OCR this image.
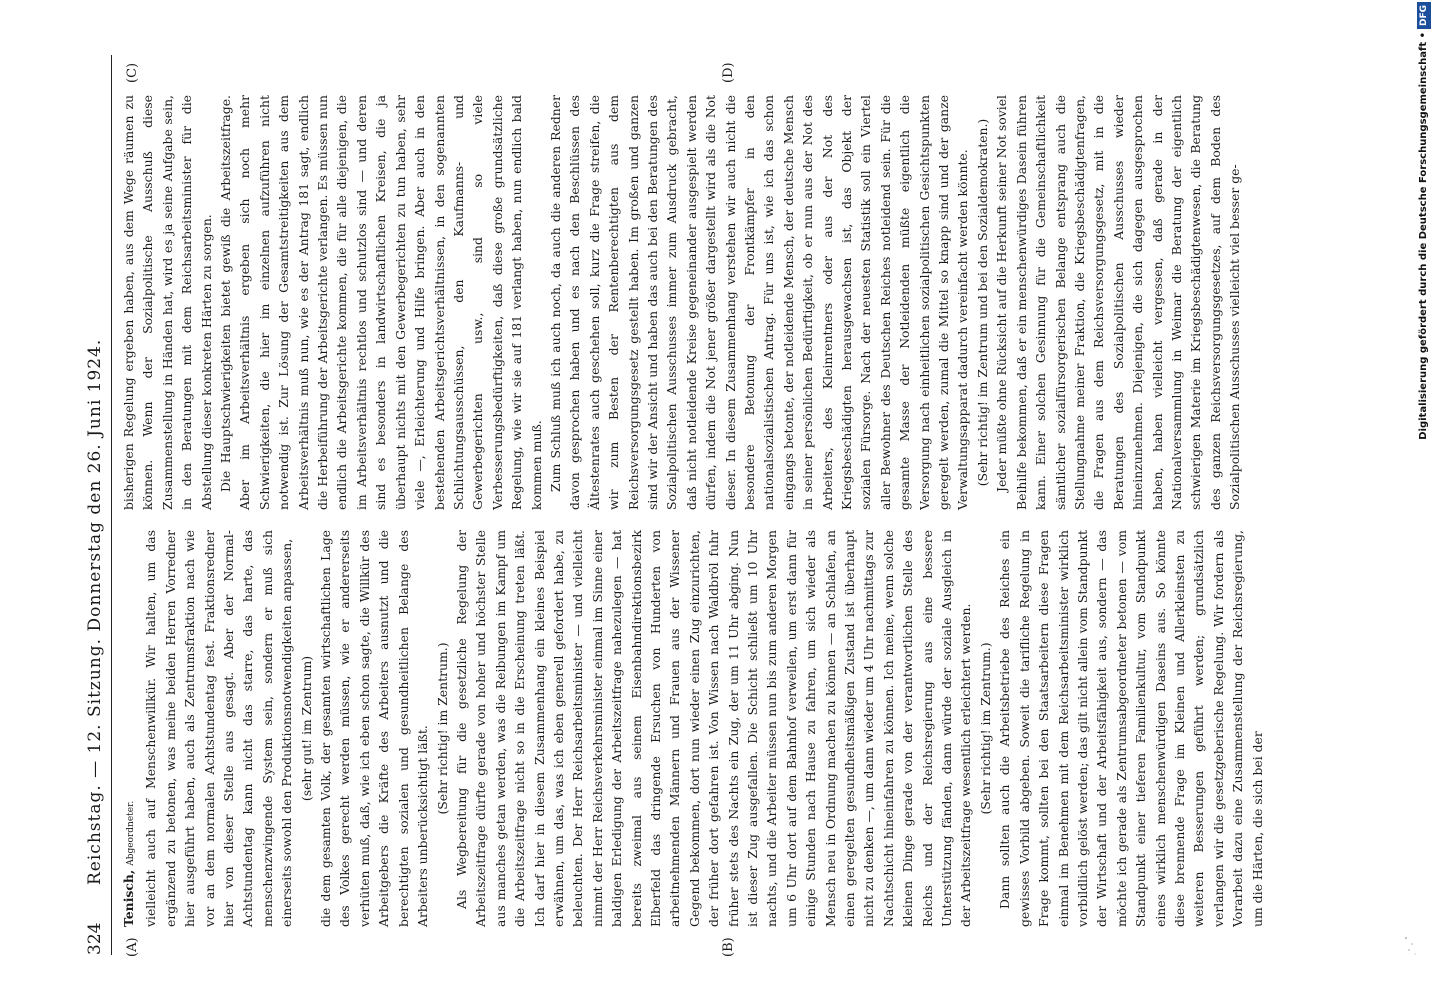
324
Reichstag. — 12. Sitzung. Donnerstag den 26. Juni 1924.
(A)	(B)
(C)	(D)

Tenisch, Abgeordneter. vielleicht auch auf Menschenwillkür. Wir halten, um das ergänzend zu betonen, was meine beiden Herren Vorredner hier ausgeführt haben, auch als Zentrumsfraktion nach wie vor an dem normalen Achtstundentag fest. Fraktionsredner hier von dieser Stelle aus gesagt. Aber der Normal-Achtstundentag kann nicht das starre, das harte, das menschenzwingende System sein, sondern er muß sich einerseits sowohl den Produktionsnotwendigkeiten anpassen, (sehr gut! im Zentrum) die dem gesamten Volk, der gesamten wirtschaftlichen Lage des Volkes gerecht werden müssen, wie er andererseits verhüten muß, daß, wie ich eben schon sagte, die Willkür des Arbeitgebers die Kräfte des Arbeiters ausnutzt und die berechtigten sozialen und gesundheitlichen Belange des Arbeiters unberücksichtigt läßt. (Sehr richtig! im Zentrum.) Als Wegbereitung für die gesetzliche Regelung der Arbeitszeitfrage dürfte gerade von hoher und höchster Stelle aus manches getan werden, was die Reibungen im Kampf um die Arbeitszeitfrage nicht so in die Erscheinung treten läßt. Ich darf hier in diesem Zusammenhang ein kleines Beispiel erwähnen, um das, was ich eben generell gefordert habe, zu beleuchten. Der Herr Reichsarbeitsminister — und vielleicht nimmt der Herr Reichsverkehrsminister einmal im Sinne einer baldigen Erledigung der Arbeitszeitfrage nahezulegen — hat bereits zweimal aus seinem Eisenbahndirektionsbezirk Elberfeld das dringende Ersuchen von Hunderten von arbeitnehmenden Männern und Frauen aus der Wissener Gegend bekommen, dort nun wieder einen Zug einzurichten, der früher dort gefahren ist. Von Wissen nach Waldbröl fuhr früher stets des Nachts ein Zug, der um 11 Uhr abging. Nun ist dieser Zug ausgefallen. Die Schicht schließt um 10 Uhr nachts, und die Arbeiter müssen nun bis zum anderen Morgen um 6 Uhr dort auf dem Bahnhof verweilen, um erst dann für einige Stunden nach Hause zu fahren, um sich wieder als Mensch neu in Ordnung machen zu können — an Schlafen, an einen geregelten gesundheitsmäßigen Zustand ist überhaupt nicht zu denken —, um dann wieder um 4 Uhr nachmittags zur Nachtschicht hineinfahren zu können. Ich meine, wenn solche kleinen Dinge gerade von der verantwortlichen Stelle des Reichs und der Reichsregierung aus eine bessere Unterstützung fänden, dann würde der soziale Ausgleich in der Arbeitszeitfrage wesentlich erleichtert werden. (Sehr richtig! im Zentrum.) Dann sollten auch die Arbeitsbetriebe des Reiches ein gewisses Vorbild abgeben. Soweit die tarifliche Regelung in Frage kommt, sollten bei den Staatsarbeitern diese Fragen einmal im Benehmen mit dem Reichsarbeitsminister wirklich vorbildlich gelöst werden; das gilt nicht allein vom Standpunkt der Wirtschaft und der Arbeitsfähigkeit aus, sondern — das möchte ich gerade als Zentrumsabgeordneter betonen — vom Standpunkt einer tieferen Familienkultur, vom Standpunkt eines wirklich menschenwürdigen Daseins aus. So könnte diese brennende Frage im Kleinen und Allerkleinsten zu weiteren Besserungen geführt werden; grundsätzlich verlangen wir die gesetzgeberische Regelung. Wir fordern als Vorarbeit dazu eine Zusammenstellung der Reichsregierung, um die Härten, die sich bei der

bisherigen Regelung ergeben haben, aus dem Wege räumen zu können. Wenn der Sozialpolitische Ausschuß diese Zusammenstellung in Händen hat, wird es ja seine Aufgabe sein, in den Beratungen mit dem Reichsarbeitsminister für die Abstellung dieser konkreten Härten zu sorgen. Die Hauptschwierigkeiten bietet gewiß die Arbeitszeitfrage. Aber im Arbeitsverhältnis ergeben sich noch mehr Schwierigkeiten, die hier im einzelnen aufzuführen nicht notwendig ist. Zur Lösung der Gesamtstreitigkeiten aus dem Arbeitsverhältnis muß nun, wie es der Antrag 181 sagt, endlich die Herbeiführung der Arbeitsgerichte verlangen. Es müssen nun endlich die Arbeitsgerichte kommen, die für alle diejenigen, die im Arbeitsverhältnis rechtlos und schutzlos sind — und deren sind es besonders in landwirtschaftlichen Kreisen, die ja überhaupt nichts mit den Gewerbegerichten zu tun haben, sehr viele —, Erleichterung und Hilfe bringen. Aber auch in den bestehenden Arbeitsgerichtsverhältnissen, in den sogenannten Schlichtungsausschüssen, den Kaufmanns- und Gewerbegerichten usw., sind so viele Verbesserungsbedürftigkeiten, daß diese große grundsätzliche Regelung, wie wir sie auf 181 verlangt haben, nun endlich bald kommen muß. Zum Schluß muß ich auch noch, da auch die anderen Redner davon gesprochen haben und es nach den Beschlüssen des Ältestenrates auch geschehen soll, kurz die Frage streifen, die wir zum Besten der Rentenberechtigten aus dem Reichsversorgungsgesetz gestellt haben. Im großen und ganzen sind wir der Ansicht und haben das auch bei den Beratungen des Sozialpolitischen Ausschusses immer zum Ausdruck gebracht, daß nicht notleidende Kreise gegeneinander ausgespielt werden dürfen, indem die Not jener größer dargestellt wird als die Not dieser. In diesem Zusammenhang verstehen wir auch nicht die besondere Betonung der Frontkämpfer in den nationalsozialistischen Antrag. Für uns ist, wie ich das schon eingangs betonte, der notleidende Mensch, der deutsche Mensch in seiner persönlichen Bedürftigkeit, ob er nun aus der Not des Arbeiters, des Kleinrentners oder aus der Not des Kriegsbeschädigten herausgewachsen ist, das Objekt der sozialen Fürsorge. Nach der neuesten Statistik soll ein Viertel aller Bewohner des Deutschen Reiches notleidend sein. Für die gesamte Masse der Notleidenden müßte eigentlich die Versorgung nach einheitlichen sozialpolitischen Gesichtspunkten geregelt werden, zumal die Mittel so knapp sind und der ganze Verwaltungsapparat dadurch vereinfacht werden könnte. (Sehr richtig! im Zentrum und bei den Sozialdemokraten.) Jeder müßte ohne Rücksicht auf die Herkunft seiner Not soviel Beihilfe bekommen, daß er ein menschenwürdiges Dasein führen kann. Einer solchen Gesinnung für die Gemeinschaftlichkeit sämtlicher sozialfürsorgerischen Belange entsprang auch die Stellungnahme meiner Fraktion, die Kriegsbeschädigtenfragen, die Fragen aus dem Reichsversorgungsgesetz, mit in die Beratungen des Sozialpolitischen Ausschusses wieder hineinzunehmen. Diejenigen, die sich dagegen ausgesprochen haben, haben vielleicht vergessen, daß gerade in der Nationalversammlung in Weimar die Beratung der eigentlich schwierigen Materie im Kriegsbeschädigtenwesen, die Beratung des ganzen Reichsversorgungsgesetzes, auf dem Boden des Sozialpolitischen Ausschusses vielleicht viel besser ge-	Digitalisierung gefördert durch die Deutsche Forschungsgemeinschaft •DFG
